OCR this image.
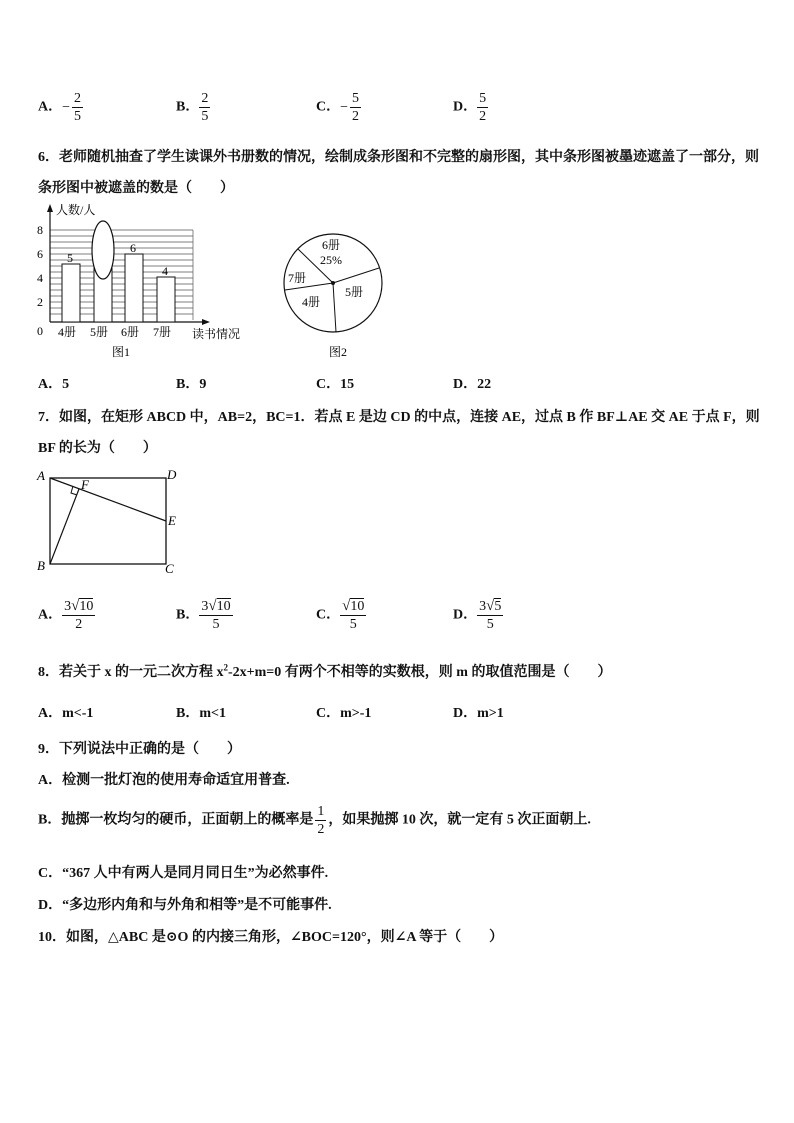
A．− $\frac{2}{5}$	B． $\frac{2}{5}$	C．− $\frac{5}{2}$	D． $\frac{5}{2}$
6．老师随机抽查了学生读课外书册数的情况，绘制成条形图和不完整的扇形图，其中条形图被墨迹遮盖了一部分，则
条形图中被遮盖的数是（　　）
人数/人
读书情况
8
6
4
2
0
5
6
4
4册 5册 6册 7册
图1
6册
25%
5册
4册
7册
图2
A．5	B．9	C．15	D．22
7．如图，在矩形 ABCD 中，AB=2，BC=1．若点 E 是边 CD 的中点，连接 AE，过点 B 作 BF⊥AE 交 AE 于点 F，则
BF 的长为（　　）
A	D
F
E
B	C
A． $\frac{3 √ 10}{2}$	B． $\frac{3 √ 10}{5}$	C． $\frac{√ 10}{5}$	D． $\frac{3 √ 5}{5}$
8．若关于 x 的一元二次方程 $x^2-2x+m=0$ 有两个不相等的实数根，则 m 的取值范围是（　　）
A．m<-1	B．m<1	C．m>-1	D．m>1
9．下列说法中正确的是（　　）
A．检测一批灯泡的使用寿命适宜用普查.
B．抛掷一枚均匀的硬币，正面朝上的概率是 $\frac{1}{2}$ ，如果抛掷 10 次，就一定有 5 次正面朝上.
C．“367 人中有两人是同月同日生”为必然事件.
D．“多边形内角和与外角和相等”是不可能事件.
10．如图，△ABC 是⊙O 的内接三角形，∠BOC=120°，则∠A 等于（　　）
